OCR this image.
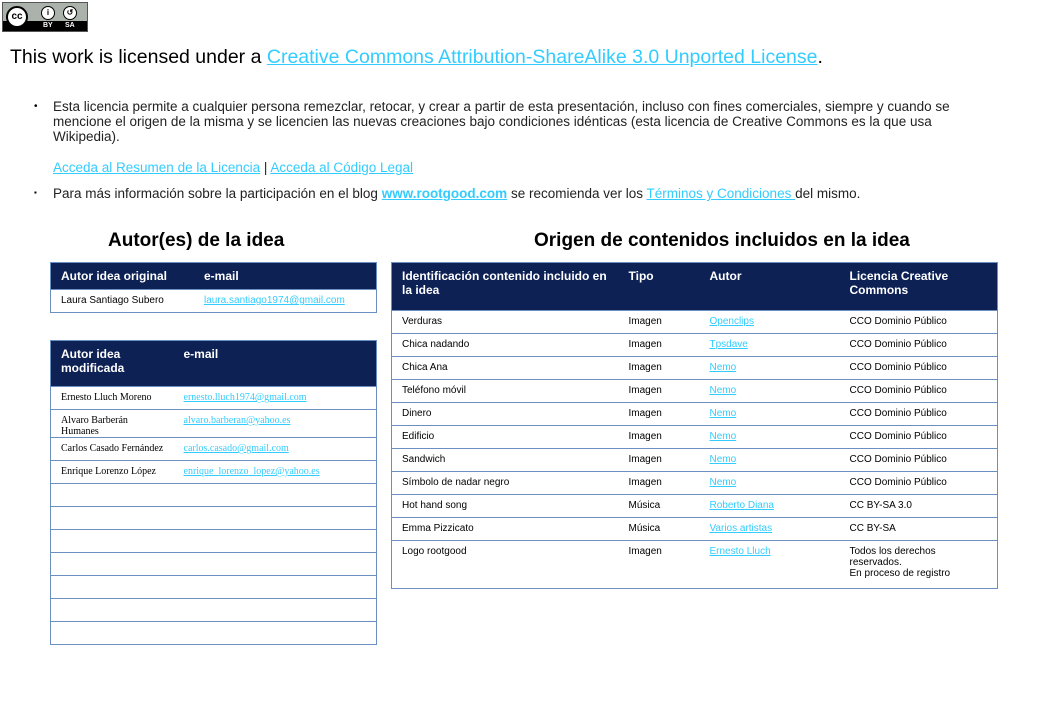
cc	i	↺
BY SA
This work is licensed under a Creative Commons Attribution-ShareAlike 3.0 Unported License.
• Esta licencia permite a cualquier persona remezclar, retocar, y crear a partir de esta presentación, incluso con fines comerciales, siempre y cuando se mencione el origen de la misma y se licencien las nuevas creaciones bajo condiciones idénticas (esta licencia de Creative Commons es la que usa Wikipedia).
Acceda al Resumen de la Licencia | Acceda al Código Legal
▪ Para más información sobre la participación en el blog www.rootgood.com se recomienda ver los Términos y Condiciones del mismo.
Autor(es) de la idea	Origen de contenidos incluidos en la idea
Autor idea original	e-mail
Laura Santiago Subero	laura.santiago1974@gmail.com
Autor idea modificada	e-mail
Ernesto Lluch Moreno	ernesto.lluch1974@gmail.com
Alvaro Barberán Humanes	alvaro.barberan@yahoo.es
Carlos Casado Fernández	carlos.casado@gmail.com
Enrique Lorenzo López	enrique_lorenzo_lopez@yahoo.es

Identificación contenido incluido en la idea	Tipo	Autor	Licencia Creative Commons
Verduras	Imagen	Openclips	CCO Dominio Público
Chica nadando	Imagen	Tpsdave	CCO Dominio Público
Chica Ana	Imagen	Nemo	CCO Dominio Público
Teléfono móvil	Imagen	Nemo	CCO Dominio Público
Dinero	Imagen	Nemo	CCO Dominio Público
Edificio	Imagen	Nemo	CCO Dominio Público
Sandwich	Imagen	Nemo	CCO Dominio Público
Símbolo de nadar negro	Imagen	Nemo	CCO Dominio Público
Hot hand song	Música	Roberto Diana	CC BY-SA 3.0
Emma Pizzicato	Música	Varios artistas	CC BY-SA
Logo rootgood	Imagen	Ernesto Lluch	Todos los derechos reservados.
En proceso de registro
